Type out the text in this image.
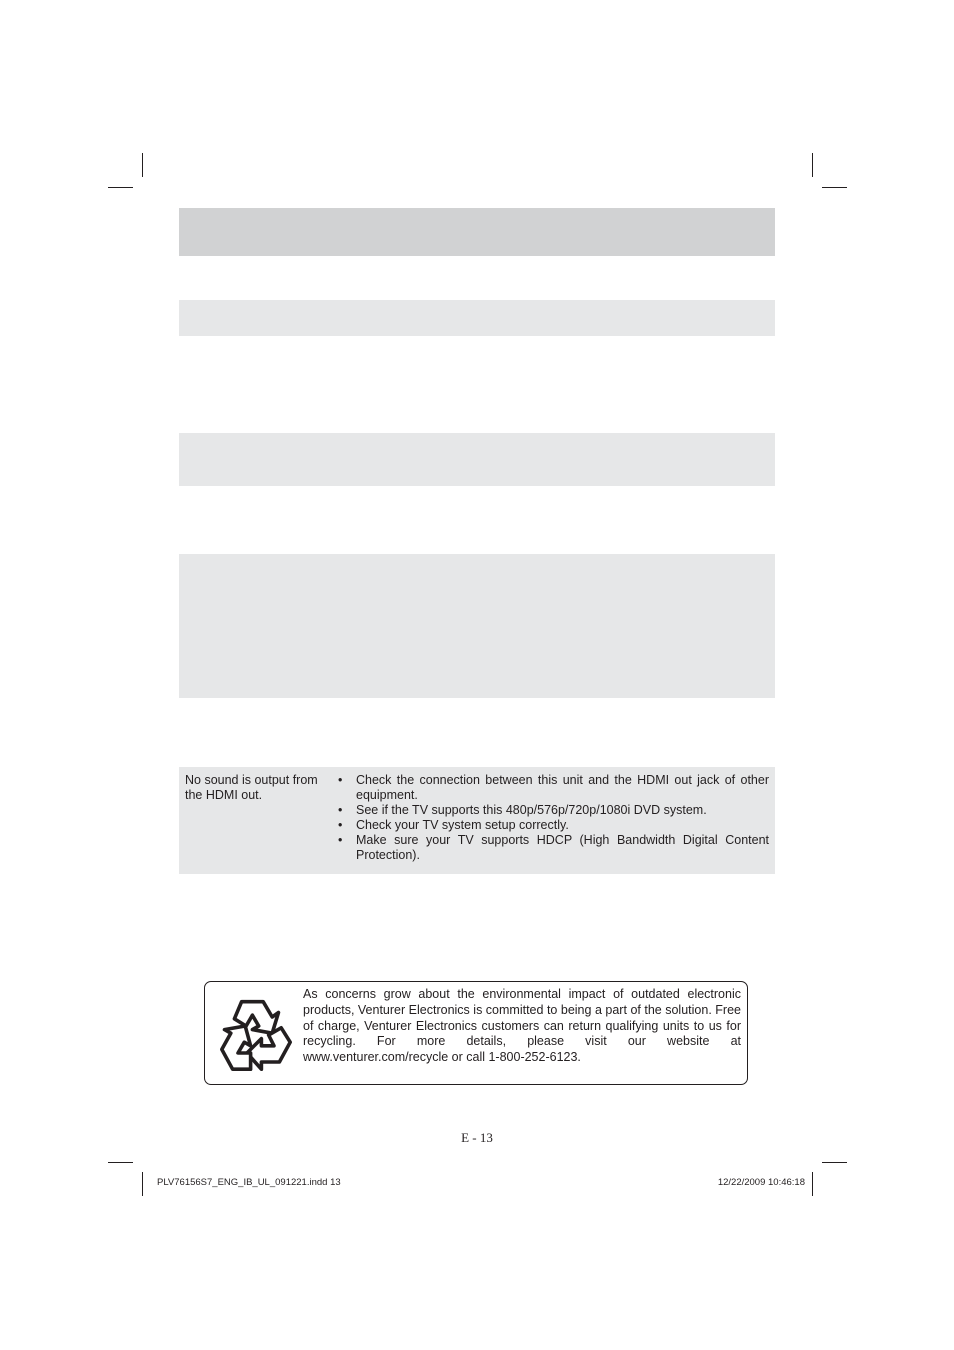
No sound is output from the HDMI out.
• Check the connection between this unit and the HDMI out jack of other equipment.
• See if the TV supports this 480p/576p/720p/1080i DVD system.
• Check your TV system setup correctly.
• Make sure your TV supports HDCP (High Bandwidth Digital Content Protection).
As concerns grow about the environmental impact of outdated electronic products, Venturer Electronics is committed to being a part of the solution. Free of charge, Venturer Electronics customers can return qualifying units to us for recycling. For more details, please visit our website at www.venturer.com/recycle or call 1-800-252-6123.
E - 13
PLV76156S7_ENG_IB_UL_091221.indd 13	12/22/2009 10:46:18
